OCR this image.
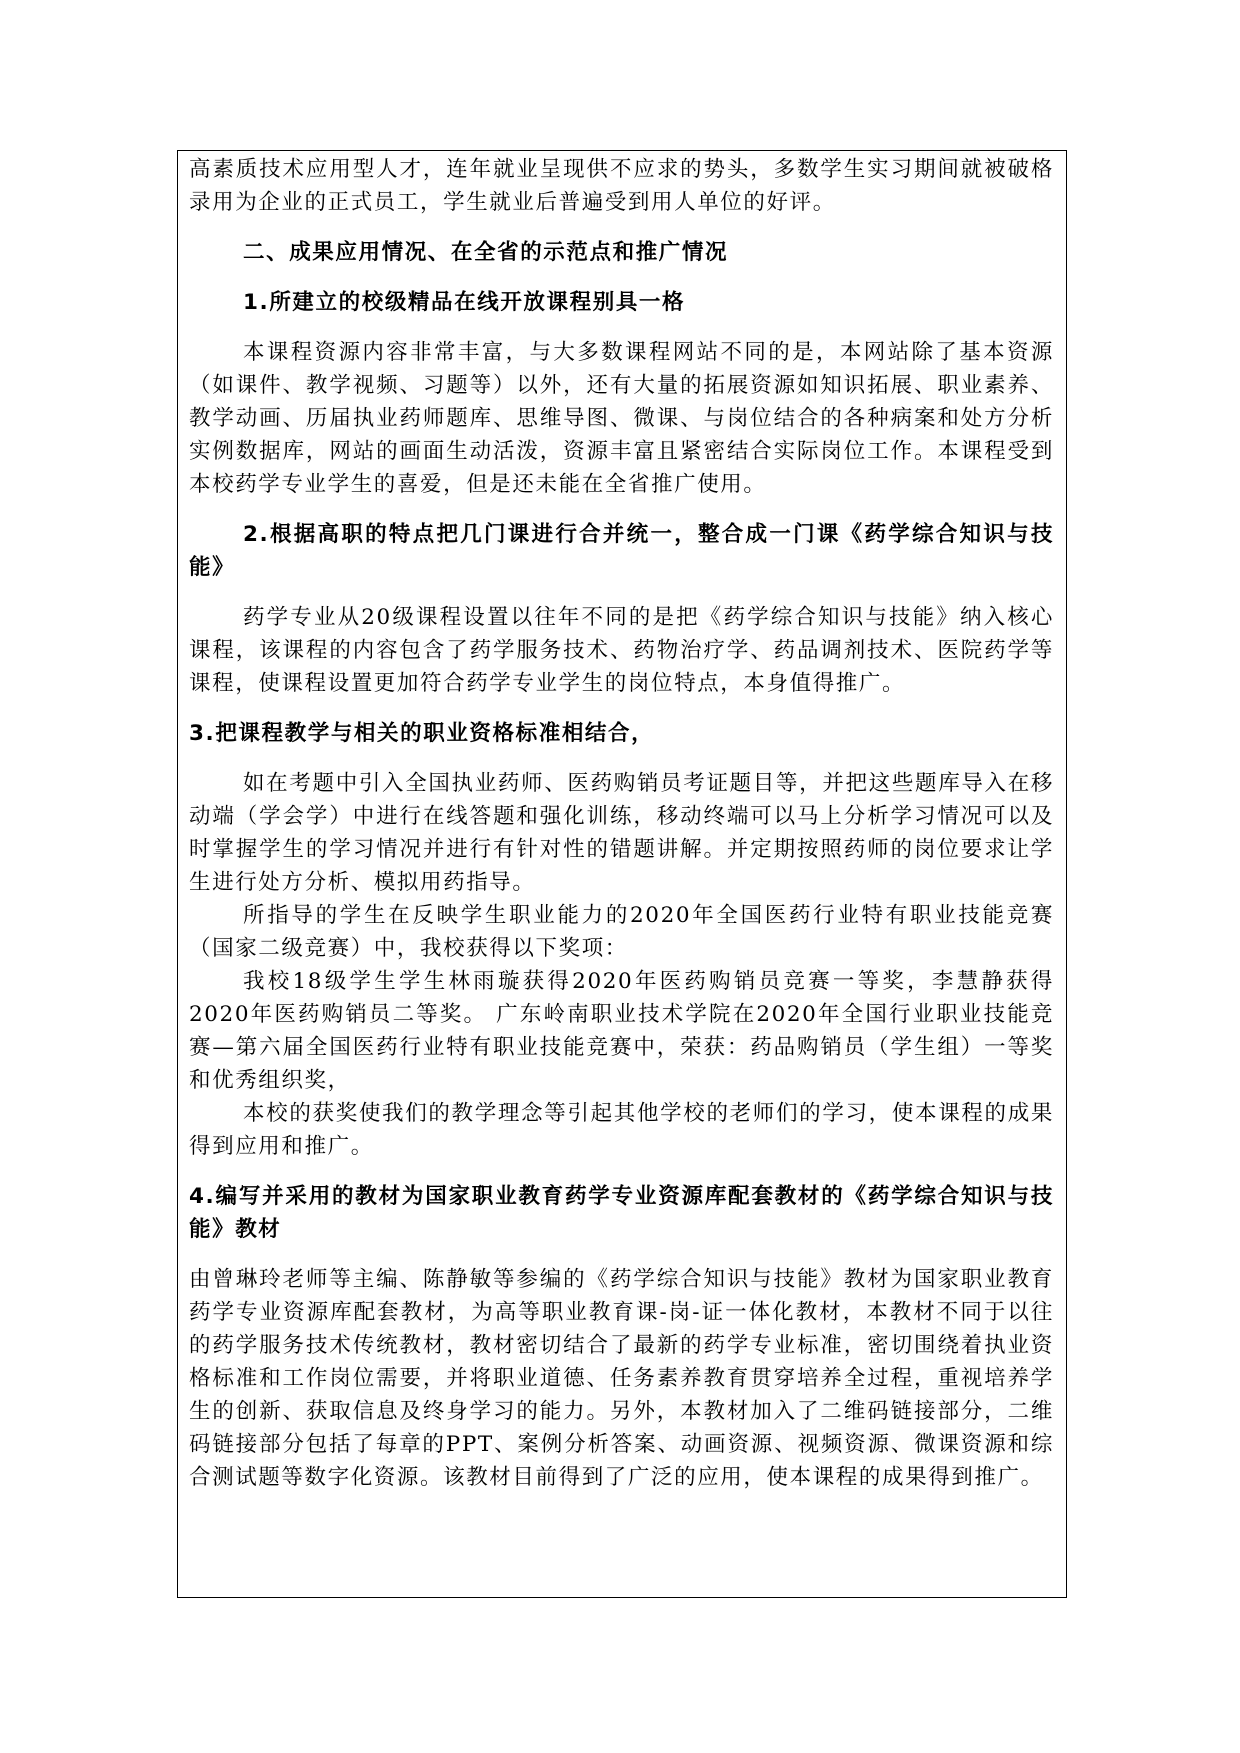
高素质技术应用型人才，连年就业呈现供不应求的势头，多数学生实习期间就被破格录用为企业的正式员工，学生就业后普遍受到用人单位的好评。

二、成果应用情况、在全省的示范点和推广情况

1.所建立的校级精品在线开放课程别具一格

本课程资源内容非常丰富，与大多数课程网站不同的是，本网站除了基本资源（如课件、教学视频、习题等）以外，还有大量的拓展资源如知识拓展、职业素养、教学动画、历届执业药师题库、思维导图、微课、与岗位结合的各种病案和处方分析实例数据库，网站的画面生动活泼，资源丰富且紧密结合实际岗位工作。本课程受到本校药学专业学生的喜爱，但是还未能在全省推广使用。

2.根据高职的特点把几门课进行合并统一，整合成一门课《药学综合知识与技能》

药学专业从20级课程设置以往年不同的是把《药学综合知识与技能》纳入核心课程，该课程的内容包含了药学服务技术、药物治疗学、药品调剂技术、医院药学等课程，使课程设置更加符合药学专业学生的岗位特点，本身值得推广。

3.把课程教学与相关的职业资格标准相结合，

如在考题中引入全国执业药师、医药购销员考证题目等，并把这些题库导入在移动端（学会学）中进行在线答题和强化训练，移动终端可以马上分析学习情况可以及时掌握学生的学习情况并进行有针对性的错题讲解。并定期按照药师的岗位要求让学生进行处方分析、模拟用药指导。

所指导的学生在反映学生职业能力的2020年全国医药行业特有职业技能竞赛（国家二级竞赛）中，我校获得以下奖项：

我校18级学生学生林雨璇获得2020年医药购销员竞赛一等奖，李慧静获得2020年医药购销员二等奖。 广东岭南职业技术学院在2020年全国行业职业技能竞赛—第六届全国医药行业特有职业技能竞赛中，荣获：药品购销员（学生组）一等奖和优秀组织奖，

本校的获奖使我们的教学理念等引起其他学校的老师们的学习，使本课程的成果得到应用和推广。

4.编写并采用的教材为国家职业教育药学专业资源库配套教材的《药学综合知识与技能》教材

由曾琳玲老师等主编、陈静敏等参编的《药学综合知识与技能》教材为国家职业教育药学专业资源库配套教材，为高等职业教育课-岗-证一体化教材，本教材不同于以往的药学服务技术传统教材，教材密切结合了最新的药学专业标准，密切围绕着执业资格标准和工作岗位需要，并将职业道德、任务素养教育贯穿培养全过程，重视培养学生的创新、获取信息及终身学习的能力。另外，本教材加入了二维码链接部分，二维码链接部分包括了每章的PPT、案例分析答案、动画资源、视频资源、微课资源和综合测试题等数字化资源。该教材目前得到了广泛的应用，使本课程的成果得到推广。
